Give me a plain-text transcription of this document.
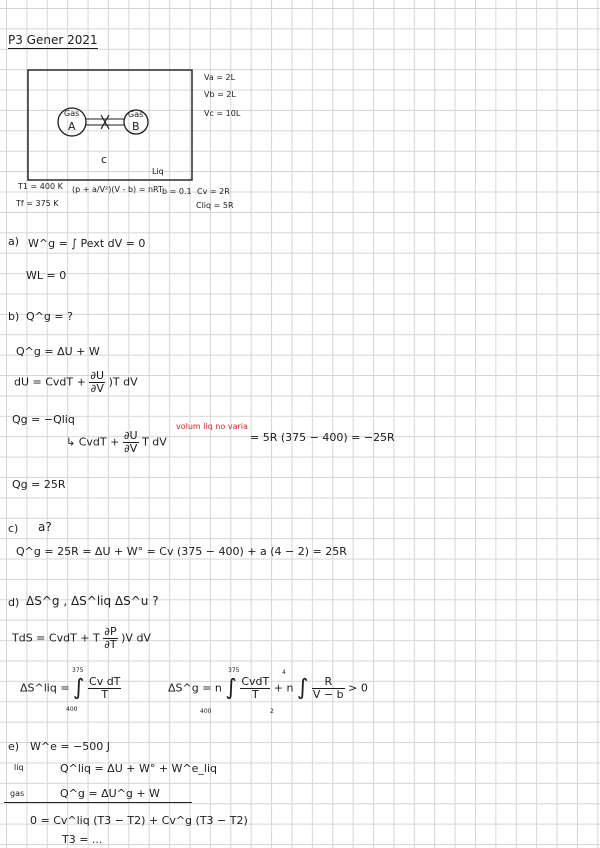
P3 Gener 2021
Gas
A
Gas
B
c
Liq
Va = 2L
Vb = 2L
Vc = 10L
T1 = 400 K
Tf = 375 K
(p + a/V²)(V - b) = nRT b = 0.1 Cv = 2R
Cliq = 5R
a) W^g = ∫ Pext dV = 0
WL = 0
b) Q^g = ?
Q^g = ΔU + W
dU = CvdT + $\frac{\partial U}{\partial V} )T$ dV
Qg = −Qliq
↳ CvdT + $\frac{\partial U}{\partial V}$ T dV
volum liq no varia
= 5R (375 − 400) = −25R
Qg = 25R
c) a?
Q^g = 25R = ΔU + W° = Cv (375 − 400) + a (4 − 2) = 25R
d) ΔS^g , ΔS^liq ΔS^u ?
TdS = CvdT + T $\frac{\partial P}{\partial T} )V$ dV
ΔS^liq = ∫ $\frac{\text{Cv dT}}{T}$
375
400
ΔS^g = n ∫ $\frac{\text{CvdT}}{T} + n$ ∫ $\frac{R}{V - b} > 0$
375
400
4
2
e) W^e = −500 J
liq	Q^liq = ΔU + W° + W^e_liq
gas	Q^g = ΔU^g + W
0 = Cv^liq (T3 − T2) + Cv^g (T3 − T2)
T3 = ...
